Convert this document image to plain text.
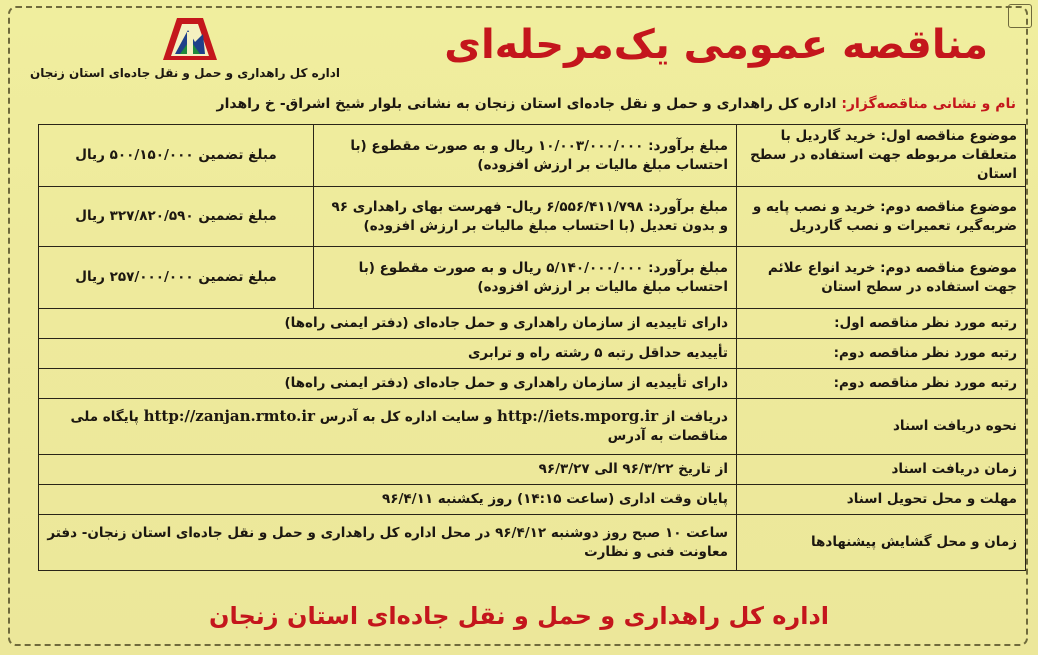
اداره کل راهداری و حمل و نقل جاده‌ای استان زنجان
مناقصه عمومی یک‌مرحله‌ای
نام و نشانی مناقصه‌گزار: اداره کل راهداری و حمل و نقل جاده‌ای استان زنجان به نشانی بلوار شیخ اشراق- خ راهدار
موضوع مناقصه اول: خرید گاردیل با متعلقات مربوطه جهت استفاده در سطح استان	مبلغ برآورد: ۱۰/۰۰۳/۰۰۰/۰۰۰ ریال و به صورت مقطوع (با احتساب مبلغ مالیات بر ارزش افزوده)	مبلغ تضمین ۵۰۰/۱۵۰/۰۰۰ ریال
موضوع مناقصه دوم: خرید و نصب پایه و ضربه‌گیر، تعمیرات و نصب گاردریل	مبلغ برآورد: ۶/۵۵۶/۴۱۱/۷۹۸ ریال- فهرست بهای راهداری ۹۶ و بدون تعدیل (با احتساب مبلغ مالیات بر ارزش افزوده)	مبلغ تضمین ۳۲۷/۸۲۰/۵۹۰ ریال
موضوع مناقصه دوم: خرید انواع علائم جهت استفاده در سطح استان	مبلغ برآورد: ۵/۱۴۰/۰۰۰/۰۰۰ ریال و به صورت مقطوع (با احتساب مبلغ مالیات بر ارزش افزوده)	مبلغ تضمین ۲۵۷/۰۰۰/۰۰۰ ریال
رتبه مورد نظر مناقصه اول:	دارای تاییدیه از سازمان راهداری و حمل جاده‌ای (دفتر ایمنی راه‌ها)	
رتبه مورد نظر مناقصه دوم:	تأییدیه حداقل رتبه ۵ رشته راه و ترابری	
رتبه مورد نظر مناقصه دوم:	دارای تأییدیه از سازمان راهداری و حمل جاده‌ای (دفتر ایمنی راه‌ها)	
نحوه دریافت اسناد	دریافت از http://iets.mporg.ir و سایت اداره کل به آدرس http://zanjan.rmto.ir پایگاه ملی مناقصات به آدرس	
زمان دریافت اسناد	از تاریخ ۹۶/۳/۲۲ الی ۹۶/۳/۲۷	
مهلت و محل تحویل اسناد	پایان وقت اداری (ساعت ۱۴:۱۵) روز یکشنبه ۹۶/۴/۱۱	
زمان و محل گشایش پیشنهادها	ساعت ۱۰ صبح روز دوشنبه ۹۶/۴/۱۲ در محل اداره کل راهداری و حمل و نقل جاده‌ای استان زنجان- دفتر معاونت فنی و نظارت	
اداره کل راهداری و حمل و نقل جاده‌ای استان زنجان
